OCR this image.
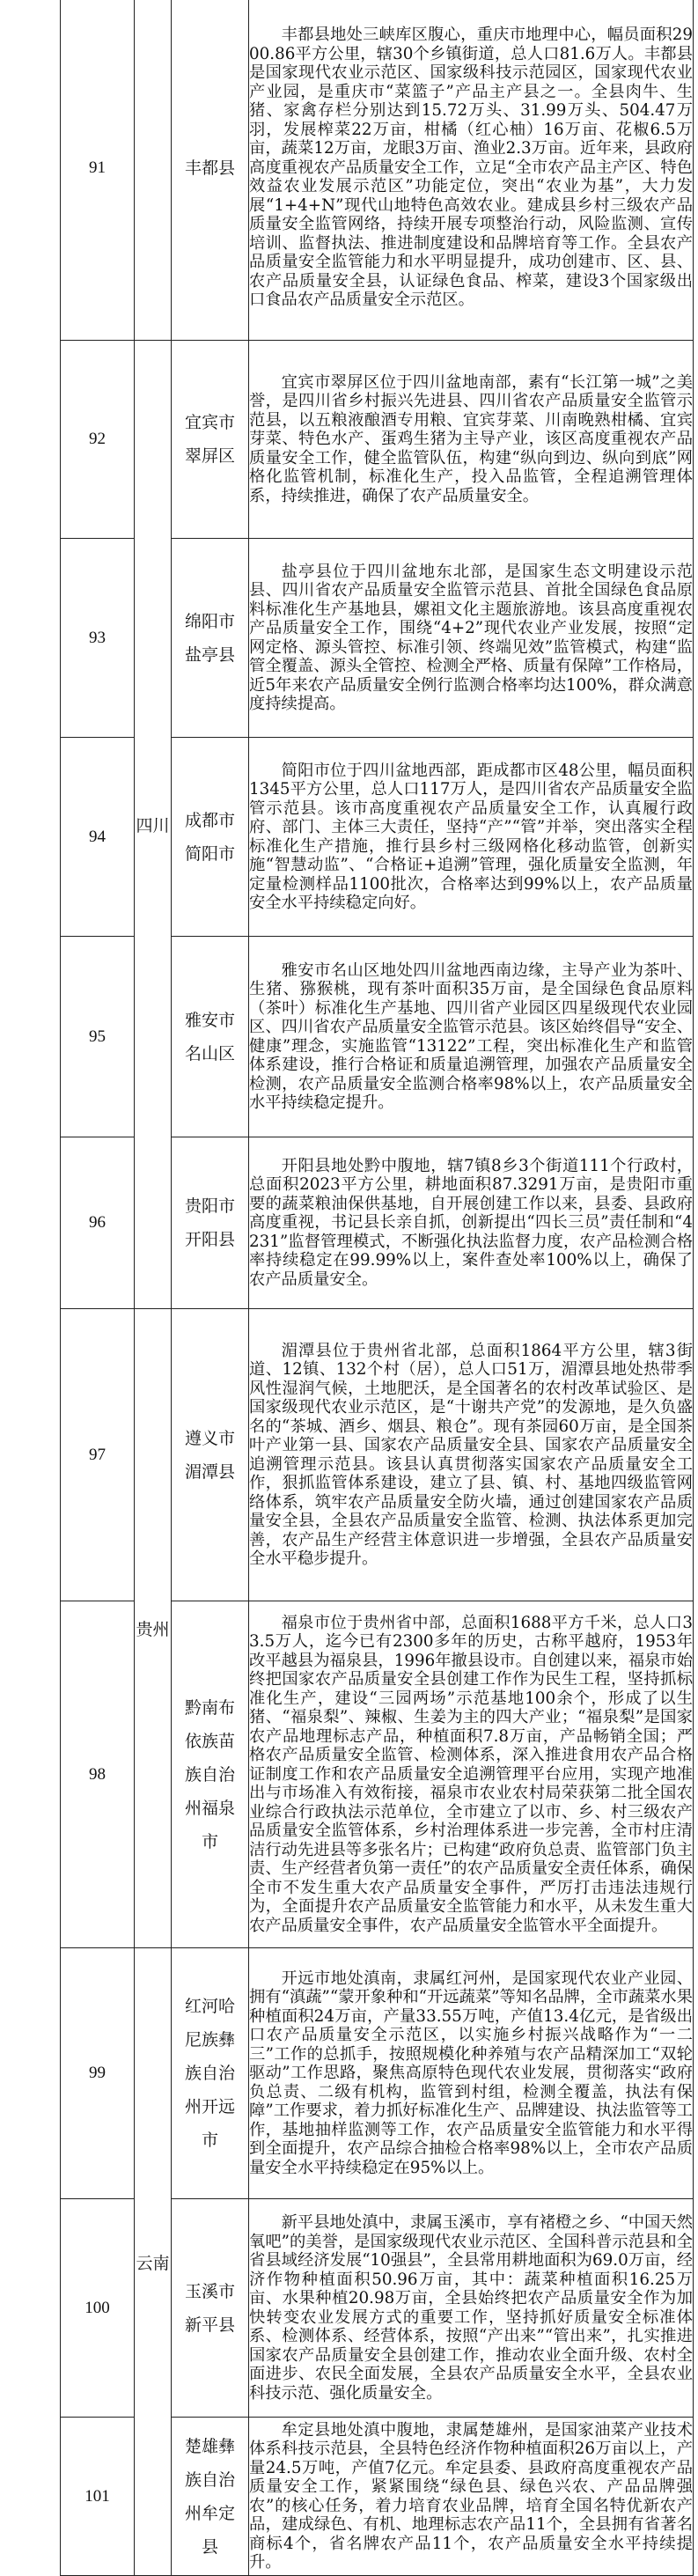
91		丰都县	丰都县地处三峡库区腹心，重庆市地理中心，幅员面积2900.86平方公里，辖30个乡镇街道，总人口81.6万人。丰都县是国家现代农业示范区、国家级科技示范园区，国家现代农业产业园，是重庆市“菜篮子”产品主产县之一。全县肉牛、生猪、家禽存栏分别达到15.72万头、31.99万头、504.47万羽，发展榨菜22万亩，柑橘（红心柚）16万亩、花椒6.5万亩，蔬菜12万亩，龙眼3万亩、渔业2.3万亩。近年来，县政府高度重视农产品质量安全工作，立足“全市农产品主产区、特色效益农业发展示范区”功能定位，突出“农业为基”，大力发展“1+4+N”现代山地特色高效农业。建成县乡村三级农产品质量安全监管网络，持续开展专项整治行动，风险监测、宣传培训、监督执法、推进制度建设和品牌培育等工作。全县农产品质量安全监管能力和水平明显提升，成功创建市、区、县、农产品质量安全县，认证绿色食品、榨菜，建设3个国家级出口食品农产品质量安全示范区。

92	四川	宜宾市翠屏区	宜宾市翠屏区位于四川盆地南部，素有“长江第一城”之美誉，是四川省乡村振兴先进县、四川省农产品质量安全监管示范县，以五粮液酿酒专用粮、宜宾芽菜、川南晚熟柑橘、宜宾芽菜、特色水产、蛋鸡生猪为主导产业，该区高度重视农产品质量安全工作，健全监管队伍，构建“纵向到边、纵向到底”网格化监管机制，标准化生产，投入品监管，全程追溯管理体系，持续推进，确保了农产品质量安全。

93		绵阳市盐亭县	盐亭县位于四川盆地东北部，是国家生态文明建设示范县、四川省农产品质量安全监管示范县、首批全国绿色食品原料标准化生产基地县，嫘祖文化主题旅游地。该县高度重视农产品质量安全工作，围绕“4+2”现代农业产业发展，按照“定网定格、源头管控、标准引领、终端见效”监管模式，构建“监管全覆盖、源头全管控、检测全严格、质量有保障”工作格局，近5年来农产品质量安全例行监测合格率均达100%，群众满意度持续提高。

94		成都市简阳市	简阳市位于四川盆地西部，距成都市区48公里，幅员面积1345平方公里，总人口117万人，是四川省农产品质量安全监管示范县。该市高度重视农产品质量安全工作，认真履行政府、部门、主体三大责任，坚持“产”“管”并举，突出落实全程标准化生产措施，推行县乡村三级网格化移动监管，创新实施“智慧动监”、“合格证+追溯”管理，强化质量安全监测，年定量检测样品1100批次，合格率达到99%以上，农产品质量安全水平持续稳定向好。

95		雅安市名山区	雅安市名山区地处四川盆地西南边缘，主导产业为茶叶、生猪、猕猴桃，现有茶叶面积35万亩，是全国绿色食品原料（茶叶）标准化生产基地、四川省产业园区四星级现代农业园区、四川省农产品质量安全监管示范县。该区始终倡导“安全、健康”理念，实施监管“13122”工程，突出标准化生产和监管体系建设，推行合格证和质量追溯管理，加强农产品质量安全检测，农产品质量安全监测合格率98%以上，农产品质量安全水平持续稳定提升。

96		贵阳市开阳县	开阳县地处黔中腹地，辖7镇8乡3个街道111个行政村，总面积2023平方公里，耕地面积87.3291万亩，是贵阳市重要的蔬菜粮油保供基地，自开展创建工作以来，县委、县政府高度重视，书记县长亲自抓，创新提出“四长三员”责任制和“4231”监督管理模式，不断强化执法监督力度，农产品检测合格率持续稳定在99.99%以上，案件查处率100%以上，确保了农产品质量安全。

97	贵州	遵义市湄潭县	湄潭县位于贵州省北部，总面积1864平方公里，辖3街道、12镇、132个村（居），总人口51万，湄潭县地处热带季风性湿润气候，土地肥沃，是全国著名的农村改革试验区、是国家级现代农业示范区，是“十谢共产党”的发源地，是久负盛名的“茶城、酒乡、烟县、粮仓”。现有茶园60万亩，是全国茶叶产业第一县、国家农产品质量安全县、国家农产品质量安全追溯管理示范县。该县认真贯彻落实国家农产品质量安全工作，狠抓监管体系建设，建立了县、镇、村、基地四级监管网络体系，筑牢农产品质量安全防火墙，通过创建国家农产品质量安全县，全县农产品质量安全监管、检测、执法体系更加完善，农产品生产经营主体意识进一步增强，全县农产品质量安全水平稳步提升。

98		黔南布依族苗族自治州福泉市	福泉市位于贵州省中部，总面积1688平方千米，总人口33.5万人，迄今已有2300多年的历史，古称平越府，1953年改平越县为福泉县，1996年撤县设市。自创建以来，福泉市始终把国家农产品质量安全县创建工作作为民生工程，坚持抓标准化生产，建设“三园两场”示范基地100余个，形成了以生猪、“福泉梨”、辣椒、生姜为主的四大产业；“福泉梨”是国家农产品地理标志产品，种植面积7.8万亩，产品畅销全国；严格农产品质量安全监管、检测体系，深入推进食用农产品合格证制度工作和农产品质量安全追溯管理平台应用，实现产地准出与市场准入有效衔接，福泉市农业农村局荣获第二批全国农业综合行政执法示范单位，全市建立了以市、乡、村三级农产品质量安全监管体系，乡村治理体系进一步完善，全市村庄清洁行动先进县等多张名片；已构建“政府负总责、监管部门负主责、生产经营者负第一责任”的农产品质量安全责任体系，确保全市不发生重大农产品质量安全事件，严厉打击违法违规行为，全面提升农产品质量安全监管能力和水平，从未发生重大农产品质量安全事件，农产品质量安全监管水平全面提升。

99	云南	红河哈尼族彝族自治州开远市	开远市地处滇南，隶属红河州，是国家现代农业产业园、拥有“滇蔬”“蒙开象种和“开远蔬菜”等知名品牌，全市蔬菜水果种植面积24万亩，产量33.55万吨，产值13.4亿元，是省级出口农产品质量安全示范区，以实施乡村振兴战略作为“一二三”工作的总抓手，按照规模化种养殖与农产品精深加工“双轮驱动”工作思路，聚焦高原特色现代农业发展，贯彻落实“政府负总责、二级有机构，监管到村组，检测全覆盖，执法有保障”工作要求，着力抓好标准化生产、品牌建设、执法监管等工作，基地抽样监测等工作，农产品质量安全监管能力和水平得到全面提升，农产品综合抽检合格率98%以上，全市农产品质量安全水平持续稳定在95%以上。

100		玉溪市新平县	新平县地处滇中，隶属玉溪市，享有褚橙之乡、“中国天然氧吧”的美誉，是国家级现代农业示范区、全国科普示范县和全省县域经济发展“10强县”，全县常用耕地面积为69.0万亩，经济作物种植面积50.96万亩，其中：蔬菜种植面积16.25万亩、水果种植20.98万亩，全县始终把农产品质量安全作为加快转变农业发展方式的重要工作，坚持抓好质量安全标准体系、检测体系、经营体系，按照“产出来”“管出来”，扎实推进国家农产品质量安全县创建工作，推动农业全面升级、农村全面进步、农民全面发展，全县农产品质量安全水平，全县农业科技示范、强化质量安全。

101		楚雄彝族自治州牟定县	牟定县地处滇中腹地，隶属楚雄州，是国家油菜产业技术体系科技示范县，全县特色经济作物种植面积26万亩以上，产量24.5万吨，产值7亿元。牟定县委、县政府高度重视农产品质量安全工作，紧紧围绕“绿色县、绿色兴农、产品品牌强农”的核心任务，着力培育农业品牌，培育全国名特优新农产品，建成绿色、有机、地理标志农产品11个，全县拥有省著名商标4个，省名牌农产品11个，农产品质量安全水平持续提升。
